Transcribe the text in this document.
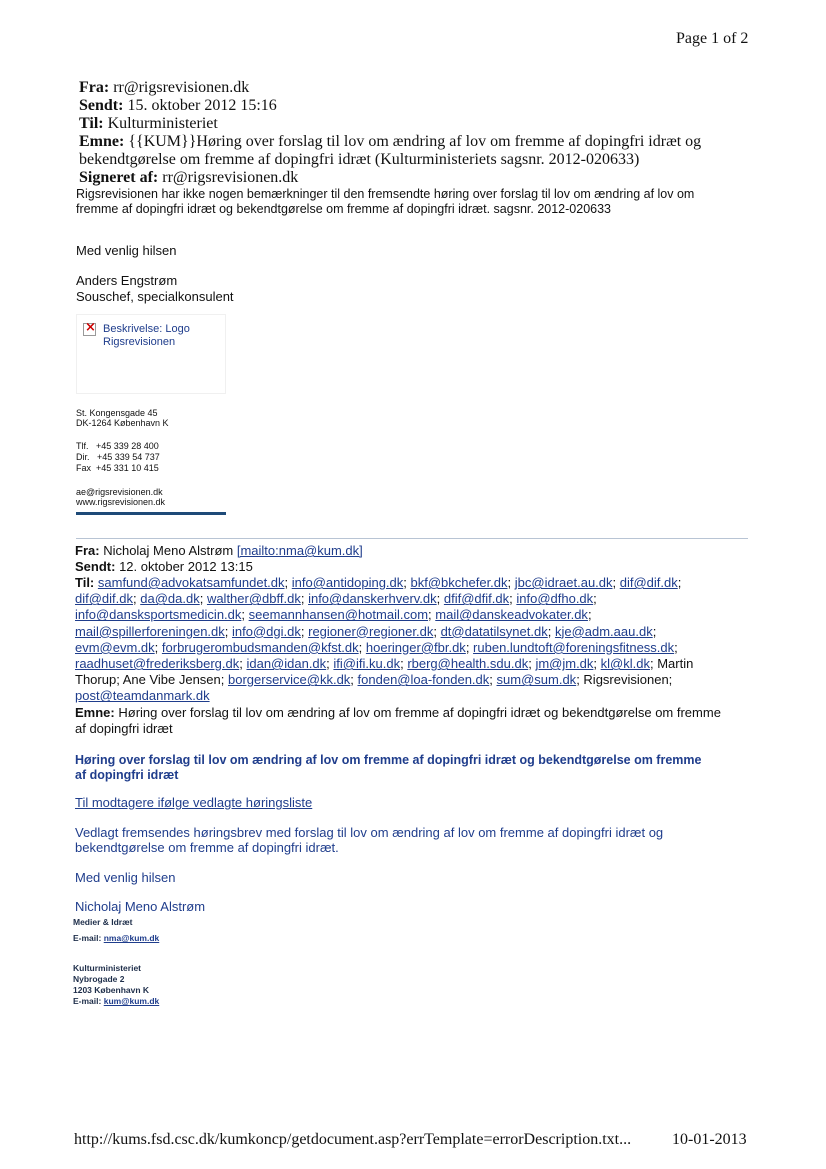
Page 1 of 2
Fra: rr@rigsrevisionen.dk
Sendt: 15. oktober 2012 15:16
Til: Kulturministeriet
Emne: {{KUM}}Høring over forslag til lov om ændring af lov om fremme af dopingfri idræt og
bekendtgørelse om fremme af dopingfri idræt (Kulturministeriets sagsnr. 2012-020633)
Signeret af: rr@rigsrevisionen.dk
Rigsrevisionen har ikke nogen bemærkninger til den fremsendte høring over forslag til lov om ændring af lov om
fremme af dopingfri idræt og bekendtgørelse om fremme af dopingfri idræt. sagsnr. 2012-020633
Med venlig hilsen
Anders Engstrøm
Souschef, specialkonsulent
×
Beskrivelse: Logo
Rigsrevisionen
St. Kongensgade 45
DK-1264 København K
Tlf.   +45 339 28 400
Dir.   +45 339 54 737
Fax  +45 331 10 415
ae@rigsrevisionen.dk
www.rigsrevisionen.dk
Fra: Nicholaj Meno Alstrøm [mailto:nma@kum.dk]
Sendt: 12. oktober 2012 13:15
Til: samfund@advokatsamfundet.dk; info@antidoping.dk; bkf@bkchefer.dk; jbc@idraet.au.dk; dif@dif.dk;
dif@dif.dk; da@da.dk; walther@dbff.dk; info@danskerhverv.dk; dfif@dfif.dk; info@dfho.dk;
info@dansksportsmedicin.dk; seemannhansen@hotmail.com; mail@danskeadvokater.dk;
mail@spillerforeningen.dk; info@dgi.dk; regioner@regioner.dk; dt@datatilsynet.dk; kje@adm.aau.dk;
evm@evm.dk; forbrugerombudsmanden@kfst.dk; hoeringer@fbr.dk; ruben.lundtoft@foreningsfitness.dk;
raadhuset@frederiksberg.dk; idan@idan.dk; ifi@ifi.ku.dk; rberg@health.sdu.dk; jm@jm.dk; kl@kl.dk; Martin
Thorup; Ane Vibe Jensen; borgerservice@kk.dk; fonden@loa-fonden.dk; sum@sum.dk; Rigsrevisionen;
post@teamdanmark.dk
Emne: Høring over forslag til lov om ændring af lov om fremme af dopingfri idræt og bekendtgørelse om fremme
af dopingfri idræt
Høring over forslag til lov om ændring af lov om fremme af dopingfri idræt og bekendtgørelse om fremme
af dopingfri idræt
Til modtagere ifølge vedlagte høringsliste
Vedlagt fremsendes høringsbrev med forslag til lov om ændring af lov om fremme af dopingfri idræt og
bekendtgørelse om fremme af dopingfri idræt.
Med venlig hilsen
Nicholaj Meno Alstrøm
Medier & Idræt
E-mail: nma@kum.dk
Kulturministeriet
Nybrogade 2
1203 København K
E-mail: kum@kum.dk
http://kums.fsd.csc.dk/kumkoncp/getdocument.asp?errTemplate=errorDescription.txt...	10-01-2013
